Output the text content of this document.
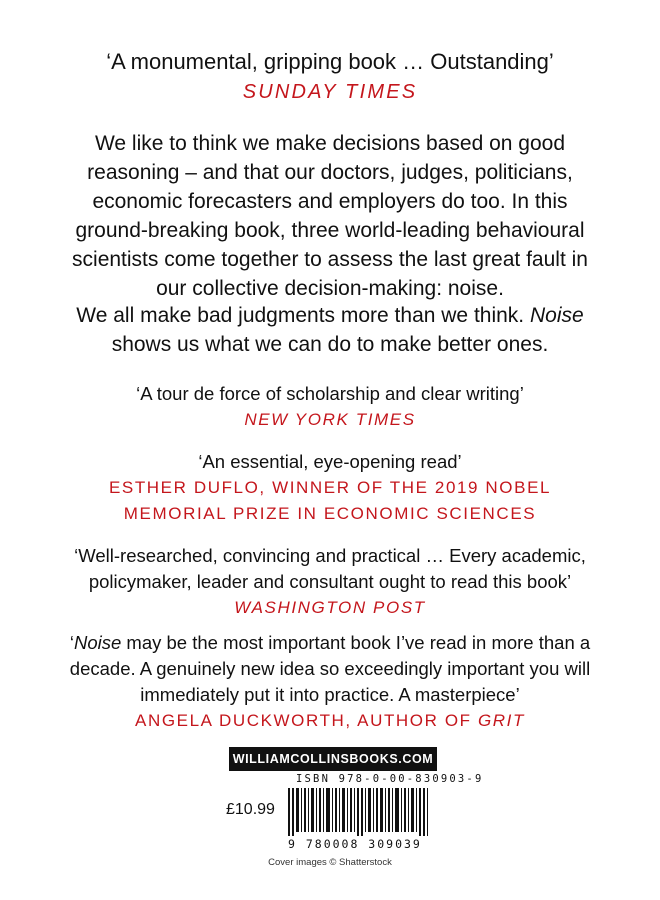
‘A monumental, gripping book … Outstanding’

SUNDAY TIMES

We like to think we make decisions based on good

reasoning – and that our doctors, judges, politicians,

economic forecasters and employers do too. In this

ground-breaking book, three world-leading behavioural

scientists come together to assess the last great fault in

our collective decision-making: noise.

We all make bad judgments more than we think. Noise

shows us what we can do to make better ones.

‘A tour de force of scholarship and clear writing’

NEW YORK TIMES

‘An essential, eye-opening read’

ESTHER DUFLO, WINNER OF THE 2019 NOBEL

MEMORIAL PRIZE IN ECONOMIC SCIENCES

‘Well-researched, convincing and practical … Every academic,

policymaker, leader and consultant ought to read this book’

WASHINGTON POST

‘Noise may be the most important book I’ve read in more than a

decade. A genuinely new idea so exceedingly important you will

immediately put it into practice. A masterpiece’

ANGELA DUCKWORTH, AUTHOR OF GRIT

WILLIAMCOLLINSBOOKS.COM
ISBN 978-0-00-830903-9
£10.99
9 780008 309039
Cover images © Shatterstock
